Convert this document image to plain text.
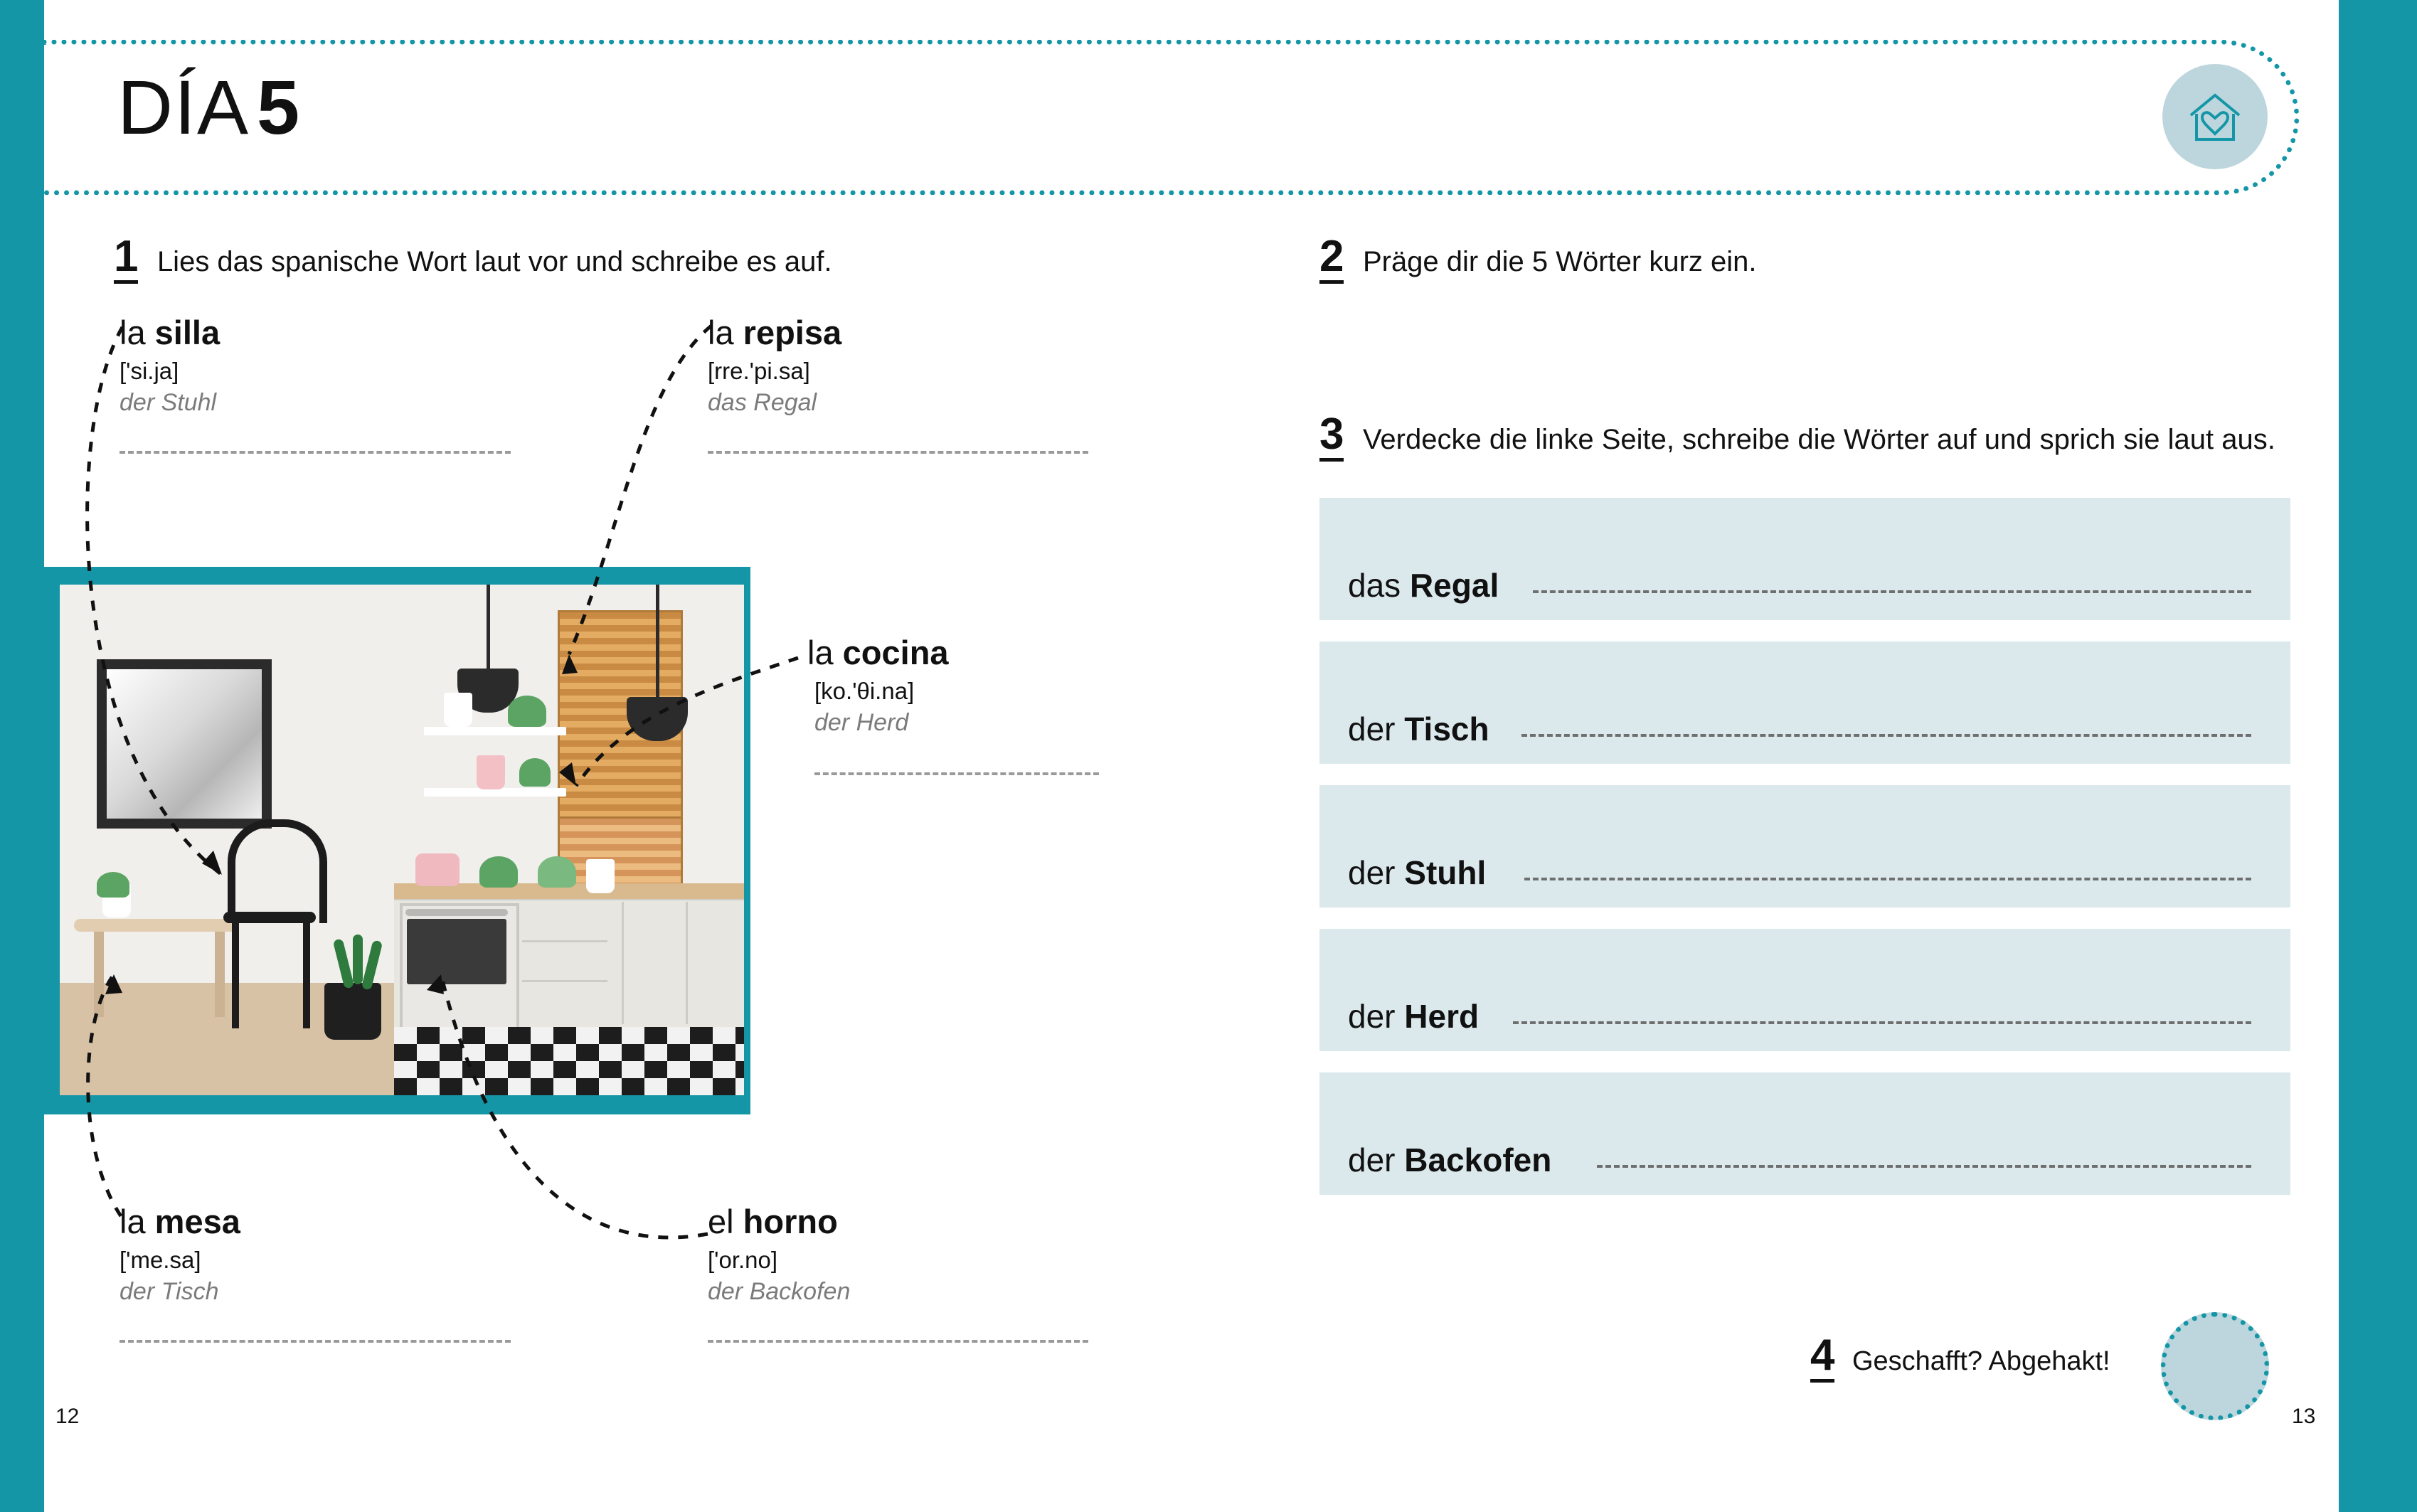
DÍA5
1 Lies das spanische Wort laut vor und schreibe es auf.
la silla
['si.ja]
der Stuhl
la repisa
[rre.'pi.sa]
das Regal
la cocina
[ko.'θi.na]
der Herd
la mesa
['me.sa]
der Tisch
el horno
['or.no]
der Backofen
2 Präge dir die 5 Wörter kurz ein.
3 Verdecke die linke Seite, schreibe die Wörter auf und sprich sie laut aus.
das Regal
der Tisch
der Stuhl
der Herd
der Backofen
4 Geschafft? Abgehakt!
12	13
